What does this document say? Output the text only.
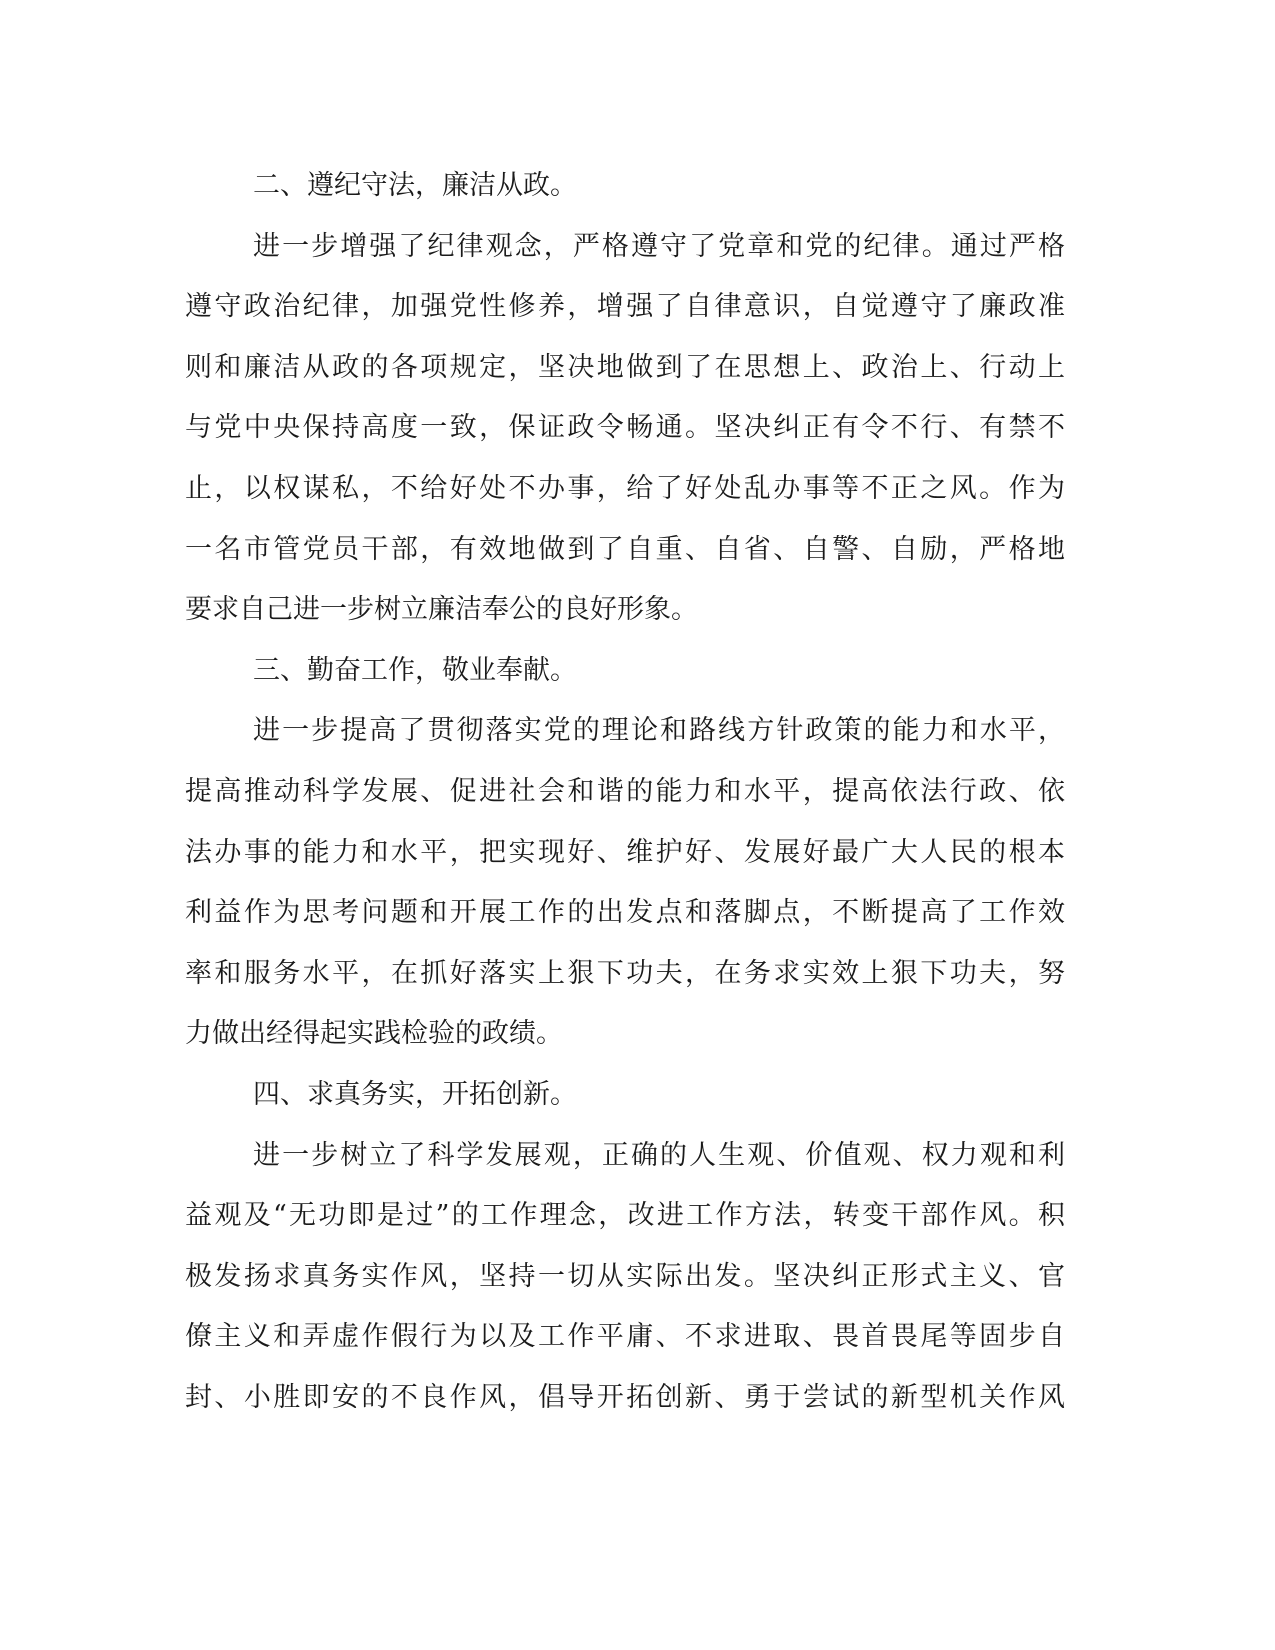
二、遵纪守法，廉洁从政。
进一步增强了纪律观念，严格遵守了党章和党的纪律。通过严格
遵守政治纪律，加强党性修养，增强了自律意识，自觉遵守了廉政准
则和廉洁从政的各项规定，坚决地做到了在思想上、政治上、行动上
与党中央保持高度一致，保证政令畅通。坚决纠正有令不行、有禁不
止，以权谋私，不给好处不办事，给了好处乱办事等不正之风。作为
一名市管党员干部，有效地做到了自重、自省、自警、自励，严格地
要求自己进一步树立廉洁奉公的良好形象。
三、勤奋工作，敬业奉献。
进一步提高了贯彻落实党的理论和路线方针政策的能力和水平，
提高推动科学发展、促进社会和谐的能力和水平，提高依法行政、依
法办事的能力和水平，把实现好、维护好、发展好最广大人民的根本
利益作为思考问题和开展工作的出发点和落脚点，不断提高了工作效
率和服务水平，在抓好落实上狠下功夫，在务求实效上狠下功夫，努
力做出经得起实践检验的政绩。
四、求真务实，开拓创新。
进一步树立了科学发展观，正确的人生观、价值观、权力观和利
益观及“无功即是过”的工作理念，改进工作方法，转变干部作风。积
极发扬求真务实作风，坚持一切从实际出发。坚决纠正形式主义、官
僚主义和弄虚作假行为以及工作平庸、不求进取、畏首畏尾等固步自
封、小胜即安的不良作风，倡导开拓创新、勇于尝试的新型机关作风
